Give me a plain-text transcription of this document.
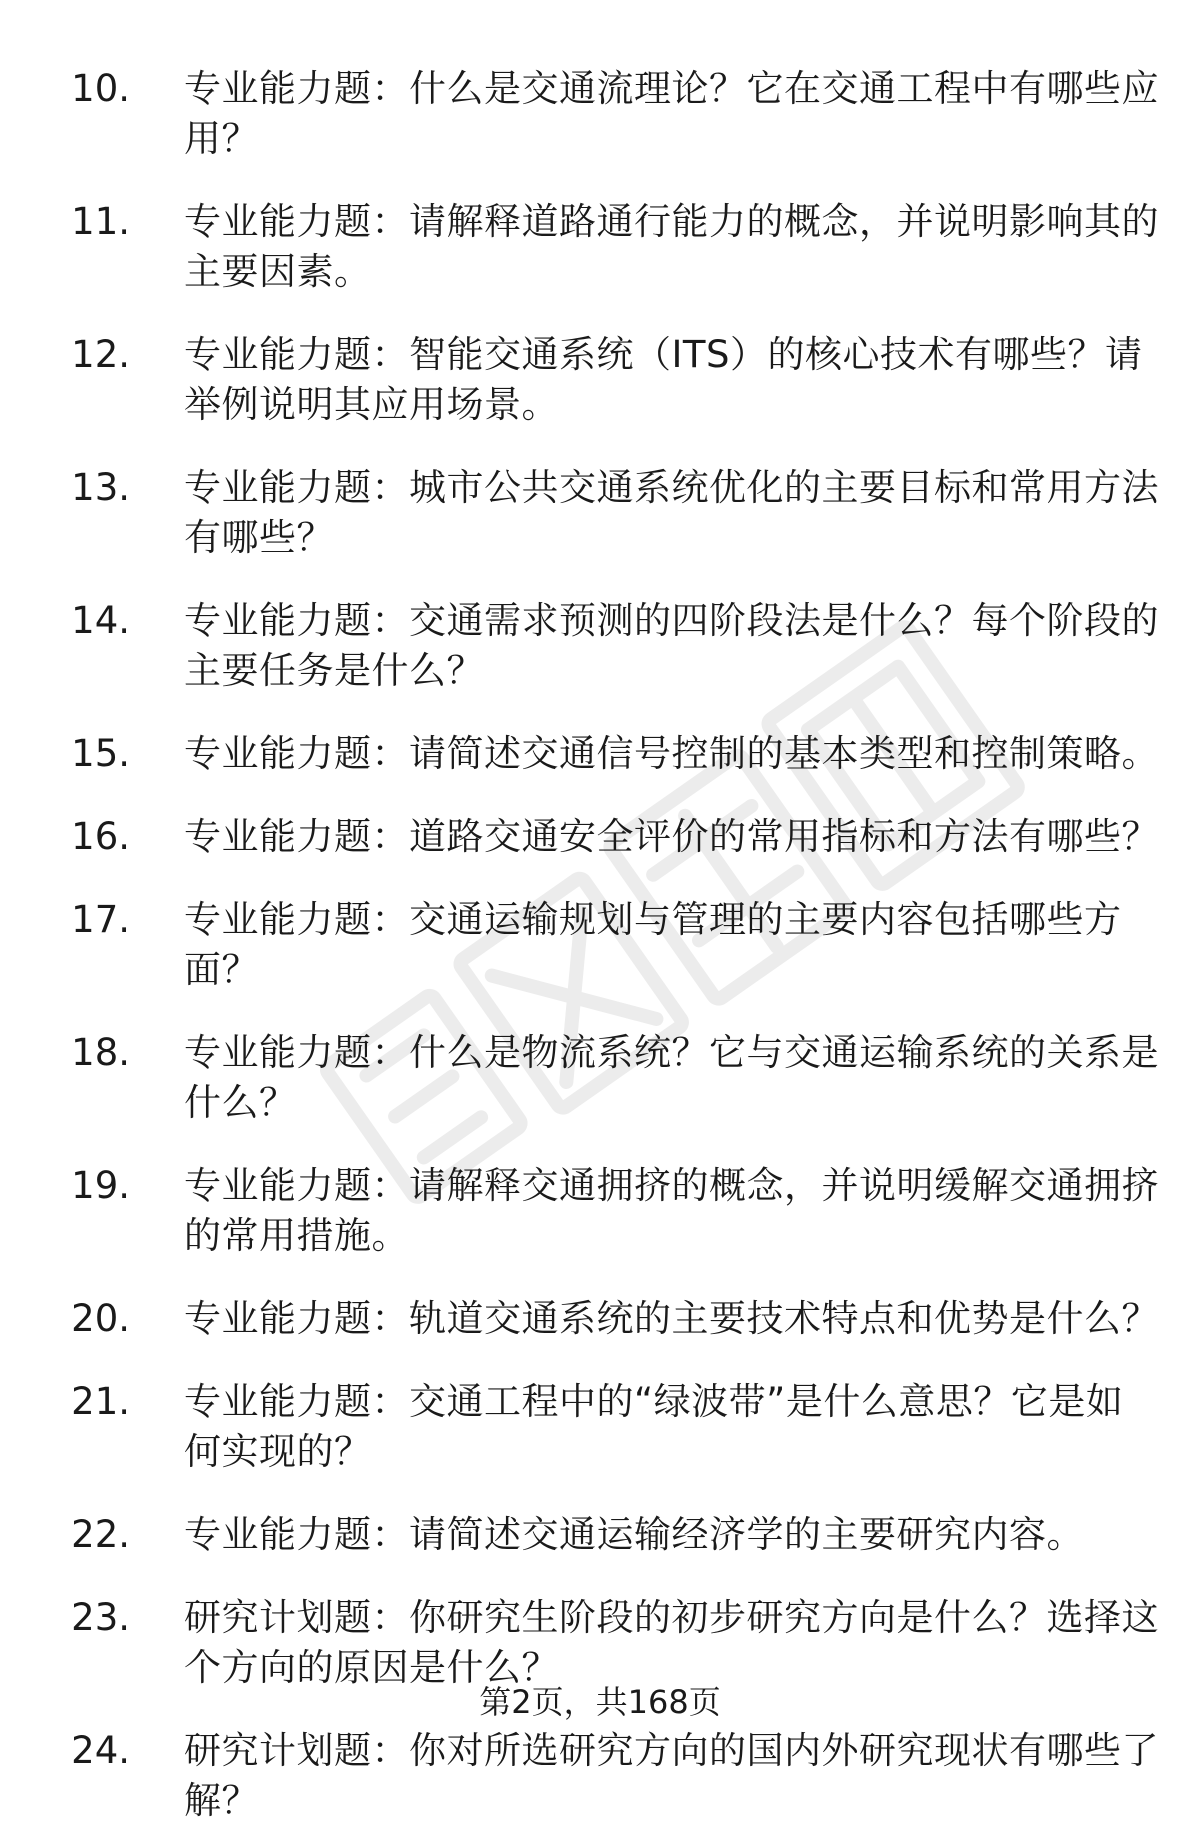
10.	专业能力题：什么是交通流理论？它在交通工程中有哪些应用？
11.	专业能力题：请解释道路通行能力的概念，并说明影响其的主要因素。
12.	专业能力题：智能交通系统（ITS）的核心技术有哪些？请举例说明其应用场景。
13.	专业能力题：城市公共交通系统优化的主要目标和常用方法有哪些？
14.	专业能力题：交通需求预测的四阶段法是什么？每个阶段的主要任务是什么？
15.	专业能力题：请简述交通信号控制的基本类型和控制策略。
16.	专业能力题：道路交通安全评价的常用指标和方法有哪些？
17.	专业能力题：交通运输规划与管理的主要内容包括哪些方面？
18.	专业能力题：什么是物流系统？它与交通运输系统的关系是什么？
19.	专业能力题：请解释交通拥挤的概念，并说明缓解交通拥挤的常用措施。
20.	专业能力题：轨道交通系统的主要技术特点和优势是什么？
21.	专业能力题：交通工程中的“绿波带”是什么意思？它是如何实现的？
22.	专业能力题：请简述交通运输经济学的主要研究内容。
23.	研究计划题：你研究生阶段的初步研究方向是什么？选择这个方向的原因是什么？
24.	研究计划题：你对所选研究方向的国内外研究现状有哪些了解？
第2页，共168页
